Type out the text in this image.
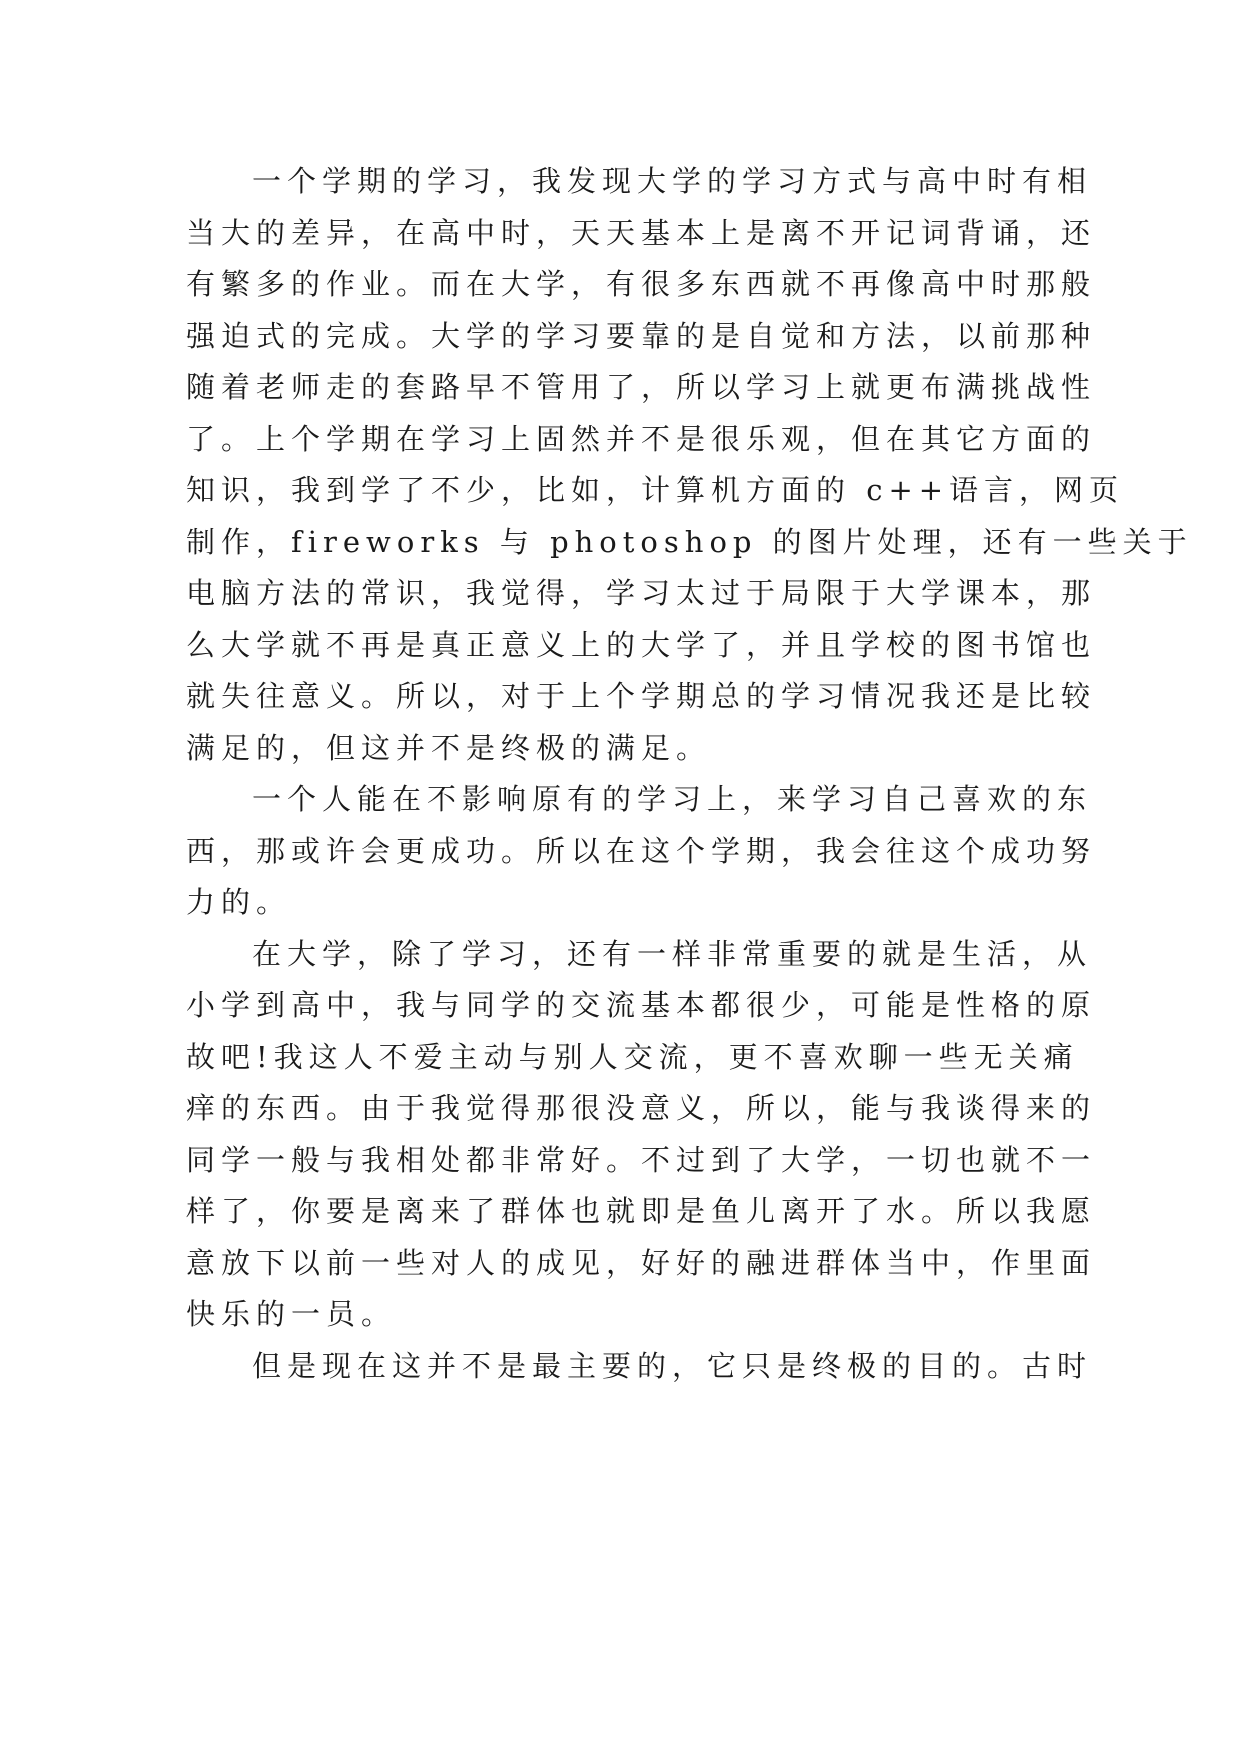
一个学期的学习，我发现大学的学习方式与高中时有相
当大的差异，在高中时，天天基本上是离不开记词背诵，还
有繁多的作业。而在大学，有很多东西就不再像高中时那般
强迫式的完成。大学的学习要靠的是自觉和方法，以前那种
随着老师走的套路早不管用了，所以学习上就更布满挑战性
了。上个学期在学习上固然并不是很乐观，但在其它方面的
知识，我到学了不少，比如，计算机方面的 c++语言，网页
制作，fireworks 与 photoshop 的图片处理，还有一些关于
电脑方法的常识，我觉得，学习太过于局限于大学课本，那
么大学就不再是真正意义上的大学了，并且学校的图书馆也
就失往意义。所以，对于上个学期总的学习情况我还是比较
满足的，但这并不是终极的满足。
一个人能在不影响原有的学习上，来学习自己喜欢的东
西，那或许会更成功。所以在这个学期，我会往这个成功努
力的。
在大学，除了学习，还有一样非常重要的就是生活，从
小学到高中，我与同学的交流基本都很少，可能是性格的原
故吧!我这人不爱主动与别人交流，更不喜欢聊一些无关痛
痒的东西。由于我觉得那很没意义，所以，能与我谈得来的
同学一般与我相处都非常好。不过到了大学，一切也就不一
样了，你要是离来了群体也就即是鱼儿离开了水。所以我愿
意放下以前一些对人的成见，好好的融进群体当中，作里面
快乐的一员。
但是现在这并不是最主要的，它只是终极的目的。古时
